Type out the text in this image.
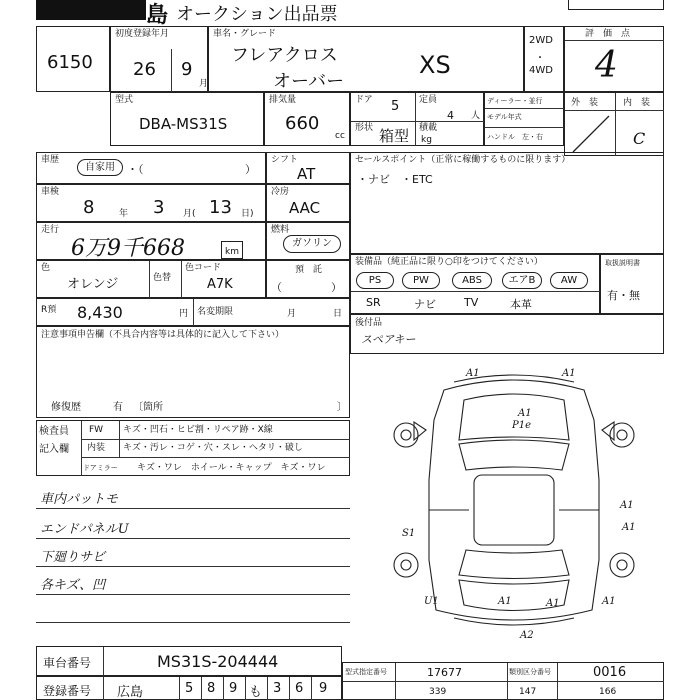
島 オークション出品票
6150
初度登録年月
26 9
月
車名・グレード
フレアクロス
オーバー
XS
2WD
・
4WD
評　価　点
4
型式
DBA-MS31S
排気量
660
cc
ドア 5 定員
4 人
形状 箱型 積載
kg
ディーラー・並行
モデル年式
ハンドル　左・右
外　装	内　装
C
車歴
自家用	・（	）
シフト
AT
セールスポイント（正常に稼働するものに限ります）
・ナビ　・ETC
車検
8	年 3 月( 13 日)
冷房
AAC
走行
6万9千668	km
燃料
ガソリン
色
オレンジ	色替
色コード
A7K
預　託
（	）
装備品（純正品に限り○印をつけてください）
PS	PW	ABS	エアB	AW
SR	ナビ	TV	本革
取扱説明書
有・無
R預 8,430	円 名変期限	月	日
注意事項申告欄（不具合内容等は具体的に記入して下さい）
修復歴	有 〔箇所	〕
後付品
スペアキー
検査員
記入欄
FW キズ・凹石・ヒビ割・リペア跡・X線
内装 キズ・汚レ・コゲ・穴・スレ・ヘタリ・破し
ドアミラー キズ・ワレ　ホイール・キャップ　キズ・ワレ
車内パットモ
エンドパネルU
下廻りサビ
各キズ、凹
A1	A1
A1
P1e
S1
A1
A1
U1	A1	A1	A1
A2
車台番号	MS31S-204444
登録番号 広島	5 8 9 も 3 6 9
型式指定番号	17677	類別区分番号	0016
339	147	166
